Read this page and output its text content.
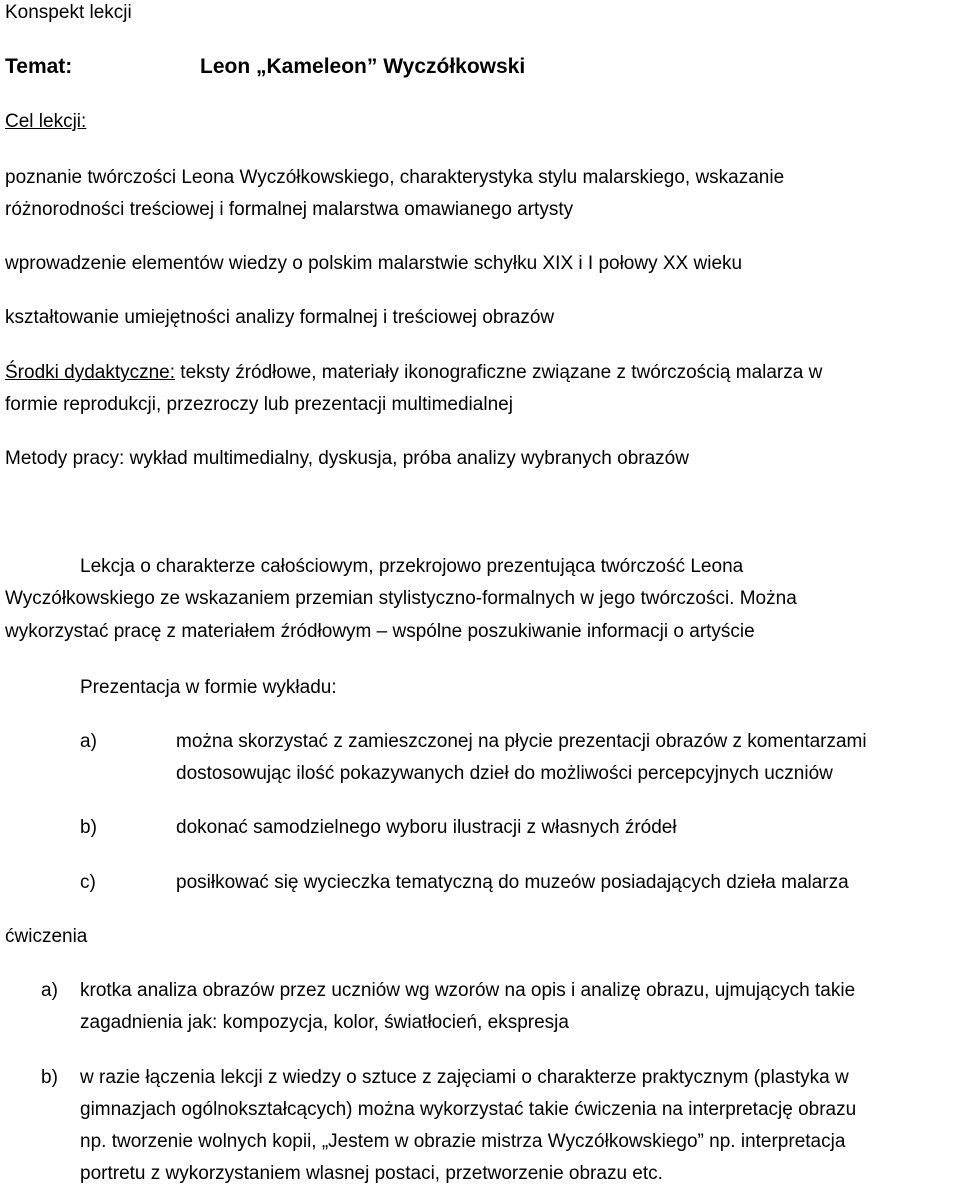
Konspekt lekcji
Temat:	Leon „Kameleon” Wyczółkowski
Cel lekcji:
poznanie twórczości Leona Wyczółkowskiego, charakterystyka stylu malarskiego, wskazanie
różnorodności treściowej i formalnej malarstwa omawianego artysty
wprowadzenie elementów wiedzy o polskim malarstwie schyłku XIX i I połowy XX wieku
kształtowanie umiejętności analizy formalnej i treściowej obrazów
Środki dydaktyczne: teksty źródłowe, materiały ikonograficzne związane z twórczością malarza w
formie reprodukcji, przezroczy lub prezentacji multimedialnej
Metody pracy: wykład multimedialny, dyskusja, próba analizy wybranych obrazów
Lekcja o charakterze całościowym, przekrojowo prezentująca twórczość Leona
Wyczółkowskiego ze wskazaniem przemian stylistyczno-formalnych w jego twórczości. Można
wykorzystać pracę z materiałem źródłowym – wspólne poszukiwanie informacji o artyście
Prezentacja w formie wykładu:
a)	można skorzystać z zamieszczonej na płycie prezentacji obrazów z komentarzami
dostosowując ilość pokazywanych dzieł do możliwości percepcyjnych uczniów
b)	dokonać samodzielnego wyboru ilustracji z własnych źródeł
c)	posiłkować się wycieczka tematyczną do muzeów posiadających dzieła malarza
ćwiczenia
a) krotka analiza obrazów przez uczniów wg wzorów na opis i analizę obrazu, ujmujących takie
zagadnienia jak: kompozycja, kolor, światłocień, ekspresja
b) w razie łączenia lekcji z wiedzy o sztuce z zajęciami o charakterze praktycznym (plastyka w
gimnazjach ogólnokształcących) można wykorzystać takie ćwiczenia na interpretację obrazu
np. tworzenie wolnych kopii, „Jestem w obrazie mistrza Wyczółkowskiego” np. interpretacja
portretu z wykorzystaniem wlasnej postaci, przetworzenie obrazu etc.
